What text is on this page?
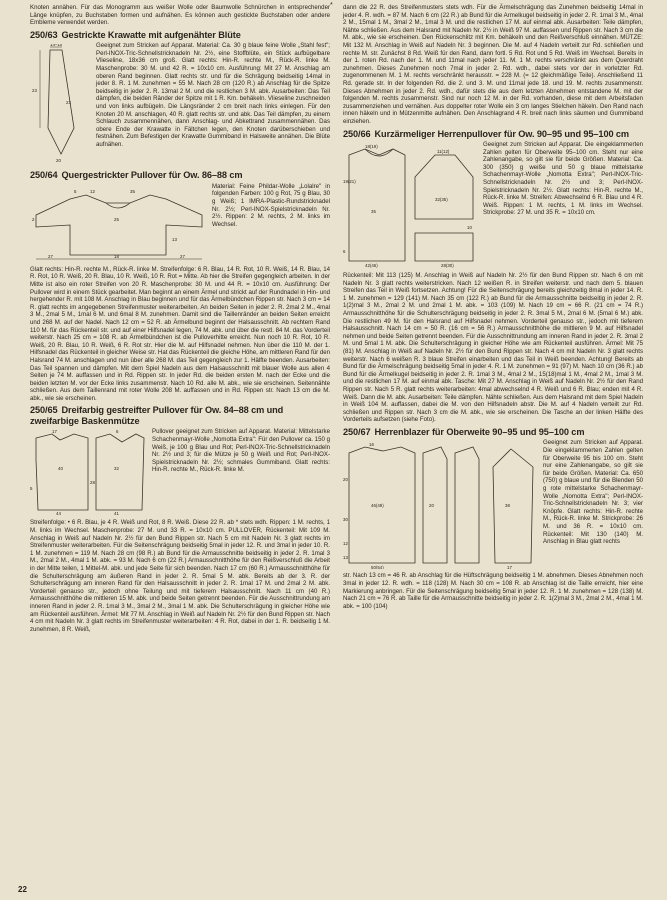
*

Knoten annähen. Für das Monogramm aus weißer Wolle oder Baumwolle Schnürchen in entsprechender Länge knüpfen, zu Buchstaben formen und aufnähen. Es können auch gestickte Buchstaben oder andere Embleme verwendet werden.

250/63 Gestrickte Krawatte mit aufgenähter Blüte
14–10
23
23
20

Geeignet zum Stricken auf Apparat. Material: Ca. 30 g blaue feine Wolle „Stahl fest"; Perl-INOX-Tric-Schnellstricknadeln Nr. 2½, eine Stoffblüte, ein Stück aufbügelbare Vlieseline, 18x36 cm groß. Glatt rechts: Hin-R. rechte M., Rück-R. linke M. Maschenprobe: 30 M. und 42 R. = 10x10 cm. Ausführung: Mit 27 M. Anschlag am oberen Rand beginnen. Glatt rechts str. und für die Schrägung beidseitig 14mal in jeder 8. R. 1 M. zunehmen = 55 M. Nach 28 cm (120 R.) ab Anschlag für die Spitze beidseitig in jeder 2. R. 13mal 2 M. und die restlichen 3 M. abk. Ausarbeiten: Das Teil dämpfen, die beiden Ränder der Spitze mit 1 R. Km. behäkeln. Vlieseline zuschneiden und von links aufbügeln. Die Längsränder 2 cm breit nach links einlegen. Für den Knoten 20 M. anschlagen, 40 R. glatt rechts str. und abk. Das Teil dämpfen, zu einem Schlauch zusammennähen, dann Anschlag- und Abkettrand zusammennähen. Das obere Ende der Krawatte in Fältchen legen, den Knoten darüberschieben und festnähen. Zum Befestigen der Krawatte Gummiband in Halsweite annähen. Die Blüte aufnähen.

250/64 Quergestrickter Pullover für Ow. 86–88 cm
27	18	27
5	12
25
13
2
35

Material: Feine Phildar-Wolle „Lolalre" in folgenden Farben: 100 g Rot, 75 g Blau, 30 g Weiß; 1 IMRA-Plastic-Rundstricknadel Nr. 2½; Perl-INOX-Spielstricknadeln Nr. 2½. Rippen: 2 M. rechts, 2 M. links im Wechsel.

Glatt rechts: Hin-R. rechte M., Rück-R. linke M. Streifenfolge: 6 R. Blau, 14 R. Rot, 10 R. Weiß, 14 R. Blau, 14 R. Rot, 10 R. Weiß, 20 R. Blau, 10 R. Weiß, 10 R. Rot = Mitte. Ab hier die Streifen gegengleich arbeiten. In der Mitte ist also ein roter Streifen von 20 R. Maschenprobe: 30 M. und 44 R. = 10x10 cm. Ausführung: Der Pullover wird in einem Stück gearbeitet. Man beginnt an einem Ärmel und strickt auf der Rundnadel in Hin- und hergehender R. mit 108 M. Anschlag in Blau beginnen und für das Ärmelbündchen Rippen str. Nach 3 cm = 14 R. glatt rechts im angegebenen Streifenmuster weiterarbeiten. An beiden Seiten in jeder 2. R. 2mal 2 M., 4mal 3 M., 2mal 5 M., 1mal 6 M. und 6mal 8 M. zunehmen. Damit sind die Taillenränder an beiden Seiten erreicht und 268 M. auf der Nadel. Nach 12 cm = 52 R. ab Ärmelbund beginnt der Halsausschnitt. Ab rechtem Rand 110 M. für das Rückenteil str. und auf einer Hilfsnadel legen, 74 M. abk. und über die restl. 84 M. das Vorderteil weiterstr. Nach 25 cm = 108 R. ab Ärmelbündchen ist die Pulloverhitte erreicht. Nun noch 10 R. Rot, 10 R. Weiß, 20 R. Blau, 10 R. Weiß, 6 R. Rot str. Hier die M. auf Hilfsnadel nehmen. Nun über die 110 M. der 1. Hilfsnadel das Rückenteil in gleicher Weise str. Hat das Rückenteil die gleiche Höhe, am mittleren Rand für den Halsrand 74 M. anschlagen und nun über alle 268 M. das Teil gegengleich zur 1. Hälfte beenden. Ausarbeiten: Das Teil spannen und dämpfen. Mit dem Spiel Nadeln aus dem Halsausschnitt mit blauer Wolle aus allen 4 Seiten je 74 M. auffassen und in Rd. Rippen str. In jeder Rd. die beiden ersten M. nach der Ecke und die beiden letzten M. vor der Ecke links zusammenstr. Nach 10 Rd. alle M. abk., wie sie erscheinen. Seitennähte schließen. Aus dem Taillenrand mit roter Wolle 208 M. auffassen und in Rd. Rippen str. Nach 13 cm die M. abk., wie sie erscheinen.

250/65 Dreifarbig gestreifter Pullover für Ow. 84–88 cm und zweifarbige Baskenmütze
17	6
40
28
44	41
32
5

Pullover geeignet zum Stricken auf Apparat. Material: Mittelstarke Schachenmayr-Wolle „Nomotta Extra": Für den Pullover ca. 150 g Weiß, je 100 g Blau und Rot; Perl-INOX-Tric-Schnellstricknadeln Nr. 2½ und 3; für die Mütze je 50 g Weiß und Rot; Perl-INOX-Spielstricknadeln Nr. 2½; schmales Gummiband. Glatt rechts: Hin-R. rechte M., Rück-R. linke M.

Streifenfolge: • 6 R. Blau, je 4 R. Weiß und Rot, 8 R. Weiß. Diese 22 R. ab * stets wdh. Rippen: 1 M. rechts, 1 M. links im Wechsel. Maschenprobe: 27 M. und 33 R. = 10x10 cm. PULLOVER, Rückenteil: Mit 109 M. Anschlag in Weiß auf Nadeln Nr. 2½ für den Bund Rippen str. Nach 5 cm mit Nadeln Nr. 3 glatt rechts im Streifenmuster weiterarbeiten. Für die Seitenschrägung beidseitig 5mal in jeder 12. R. und 3mal in jeder 10. R. 1 M. zunehmen = 119 M. Nach 28 cm (98 R.) ab Bund für die Armausschnitte beidseitig in jeder 2. R. 1mal 3 M., 2mal 2 M., 4mal 1 M. abk. = 93 M. Nach 6 cm (22 R.) Armausschnitthöhe für den Reißverschluß die Arbeit in der Mitte teilen, 1 Mittel-M. abk. und jede Seite für sich beenden. Nach 17 cm (60 R.) Armausschnitthöhe für die Schulterschrägung am äußeren Rand in jeder 2. R. 5mal 5 M. abk. Bereits ab der 3. R. der Schulterschrägung am inneren Rand für den Halsausschnitt in jeder 2. R. 1mal 17 M. und 2mal 2 M. abk. Vorderteil genauso str., jedoch ohne Teilung und mit tieferem Halsausschnitt. Nach 11 cm (40 R.) Armausschnitthöhe die mittleren 15 M. abk. und beide Seiten getrennt beenden. Für die Ausschnittrundung am inneren Rand in jeder 2. R. 1mal 3 M., 3mal 2 M., 3mal 1 M. abk. Die Schulterschrägung in gleicher Höhe wie am Rückenteil ausführen. Ärmel: Mit 77 M. Anschlag in Weiß auf Nadeln Nr. 2½ für den Bund Rippen str. Nach 4 cm mit Nadeln Nr. 3 glatt rechts im Streifenmuster weiterarbeiten: 4 R. Rot, dabei in der 1. R. beidseitig 1 M. zunehmen, 8 R. Weiß,

dann die 22 R. des Streifenmusters stets wdh. Für die Ärmelschrägung das Zunehmen beidseitig 14mal in jeder 4. R. wdh. = 87 M. Nach 6 cm (22 R.) ab Bund für die Armelkugel beidseitig in jeder 2. R. 1mal 3 M., 4mal 2 M., 15mal 1 M., 3mal 2 M., 1mal 3 M. und die restlichen 17 M. auf einmal abk. Ausarbeiten: Teile dämpfen, Nähte schließen. Aus dem Halsrand mit Nadeln Nr. 2½ in Weiß 97 M. auffassen und Rippen str. Nach 3 cm die M. abk., wie sie erscheinen. Den Rückenschlitz mit Km. behäkeln und den Reißverschluß einnähen. MÜTZE: Mit 132 M. Anschlag in Weiß auf Nadeln Nr. 3 beginnen. Die M. auf 4 Nadeln verteilt zur Rd. schließen und rechte M. str. Zunächst 8 Rd. Weiß für den Rand, dann fortl. 5 Rd. Rot und 5 Rd. Weiß im Wechsel. Bereits in der 1. roten Rd. nach der 1. M. und 11mal nach jeder 11. M. 1 M. rechts verschränkt aus dem Querdraht zunehmen. Dieses Zunehmen noch 7mal in jeder 2. Rd. wdh., dabei stets vor der in vorletzter Rd. zugenommenen M. 1 M. rechts verschränkt herausstr. = 228 M. (= 12 gleichmäßige Teile). Anschließend 11 Rd. gerade str. In der folgenden Rd. die 2. und 3. M. und 11mal jede 18. und 19. M. rechts zusammenstr. Dieses Abnehmen in jeder 2. Rd. wdh., dafür stets die aus dem letzten Abnehmen entstandene M. mit der folgenden M. rechts zusammenstr. Sind nur noch 12 M. in der Rd. vorhanden, diese mit dem Arbeitsfaden zusammenziehen und vernähen. Aus doppelter roter Wolle ein 3 cm langes Stielchen häkeln. Den Rand nach innen häkeln und in Mützenmitte aufnähen. Den Anschlagrand 4 R. breit nach links säumen und Gummiband einziehen.

250/66 Kurzärmeliger Herrenpullover für Ow. 90–95 und 95–100 cm
18(19)
19(21)
35
6
42(46)
11(12)
32(35)
10
28(30)

Geeignet zum Stricken auf Apparat. Die eingeklammerten Zahlen gelten für Oberweite 95–100 cm. Steht nur eine Zahlenangabe, so gilt sie für beide Größen. Material: Ca. 300 (350) g weiße und 50 g blaue mittelstarke Schachenmayr-Wolle „Nomotta Extra"; Perl-INOX-Tric-Schnellstricknadeln Nr. 2½ und 3; Perl-INOX-Spielstricknadeln Nr. 2½. Glatt rechts: Hin-R. rechte M., Rück-R. linke M. Streifen: Abwechselnd 6 R. Blau und 4 R. Weiß. Rippen: 1 M. rechts, 1 M. links im Wechsel. Strickprobe: 27 M. und 35 R. = 10x10 cm.

Rückenteil: Mit 113 (125) M. Anschlag in Weiß auf Nadeln Nr. 2½ für den Bund Rippen str. Nach 6 cm mit Nadeln Nr. 3 glatt rechts weiterstricken. Nach 12 weißen R. in Streifen weiterstr. und nach dem 5. blauen Streifen das Teil in Weiß fortsetzen. Achtung! Für die Seitenschrägung bereits gleichzeitig 8mal in jeder 14. R. 1 M. zunehmen = 129 (141) M. Nach 35 cm (122 R.) ab Bund für die Armausschnitte beidseitig in jeder 2. R. 1(2)mal 3 M., 2mal 2 M. und 2mal 1 M. abk. = 103 (109) M. Nach 19 cm = 66 R. (21 cm = 74 R.) Armausschnitthöhe für die Schulterschrägung beidseitig in jeder 2. R. 3mal 5 M., 2mal 6 M. (5mal 6 M.) abk. Die restlichen 49 M. für den Halsrand auf Hilfsnadel nehmen. Vorderteil genauso str., jedoch mit tieferem Halsausschnitt. Nach 14 cm = 50 R. (16 cm = 56 R.) Armausschnitthöhe die mittleren 9 M. auf Hilfsnadel nehmen und beide Seiten getrennt beenden. Für die Ausschnittrundung am inneren Rand in jeder 2. R. 3mal 2 M. und 5mal 1 M. abk. Die Schulterschrägung in gleicher Höhe wie am Rückenteil ausführen. Ärmel: Mit 75 (81) M. Anschlag in Weiß auf Nadeln Nr. 2½ für den Bund Rippen str. Nach 4 cm mit Nadeln Nr. 3 glatt rechts weiterstr. Nach 6 weißen R. 3 blaue Streifen einarbeiten und das Teil in Weiß beenden. Achtung! Bereits ab Bund für die Ärmelschrägung beidseitig 5mal in jeder 4. R. 1 M. zunehmen = 91 (97) M. Nach 10 cm (36 R.) ab Bund für die Ärmelkugel beidseitig in jeder 2. R. 1mal 3 M., 4mal 2 M., 15(18)mal 1 M., 4mal 2 M., 1mal 3 M. und die restlichen 17 M. auf einmal abk. Tasche: Mit 27 M. Anschlag in Weiß auf Nadeln Nr. 2½ für den Rand Rippen str. Nach 5 R. glatt rechts weiterarbeiten: 4mal abwechselnd 4 R. Weiß und 6 R. Blau; enden mit 4 R. Weiß. Dann die M. abk. Ausarbeiten: Teile dämpfen. Nähte schließen. Aus dem Halsrand mit dem Spiel Nadeln in Weiß 104 M. auffassen, dabei die M. von den Hilfsnadeln abstr. Die M. auf 4 Nadeln verteilt zur Rd. schließen und Rippen str. Nach 3 cm die M. abk., wie sie erscheinen. Die Tasche an der linken Hälfte des Vorderteils aufsetzen (siehe Foto).

250/67 Herrenblazer für Oberweite 90–95 und 95–100 cm
16
20
30
12
13
50(54)
46(49)	20	38
17

Geeignet zum Stricken auf Apparat. Die eingeklammerten Zahlen gelten für Oberweite 95 bis 100 cm. Steht nur eine Zahlenangabe, so gilt sie für beide Größen. Material: Ca. 650 (750) g blaue und für die Blenden 50 g rote mittelstarke Schachenmayr-Wolle „Nomotta Extra"; Perl-INOX-Tric-Schnellstricknadeln Nr. 3; vier Knöpfe. Glatt rechts: Hin-R. rechte M., Rück-R. linke M. Strickprobe: 26 M. und 36 R. = 10x10 cm. Rückenteil: Mit 130 (140) M. Anschlag in Blau glatt rechts

str. Nach 13 cm = 46 R. ab Anschlag für die Hüftschrägung beidseitig 1 M. abnehmen. Dieses Abnehmen noch 3mal in jeder 12. R. wdh. = 118 (128) M. Nach 30 cm = 108 R. ab Anschlag ist die Taille erreicht, hier eine Markierung anbringen. Für die Seitenschrägung beidseitig 5mal in jeder 12. R. 1 M. zunehmen = 128 (138) M. Nach 21 cm = 76 R. ab Taille für die Armausschnitte beidseitig in jeder 2. R. 1(2)mal 3 M., 2mal 2 M., 4mal 1 M. abk. = 100 (104)

22
